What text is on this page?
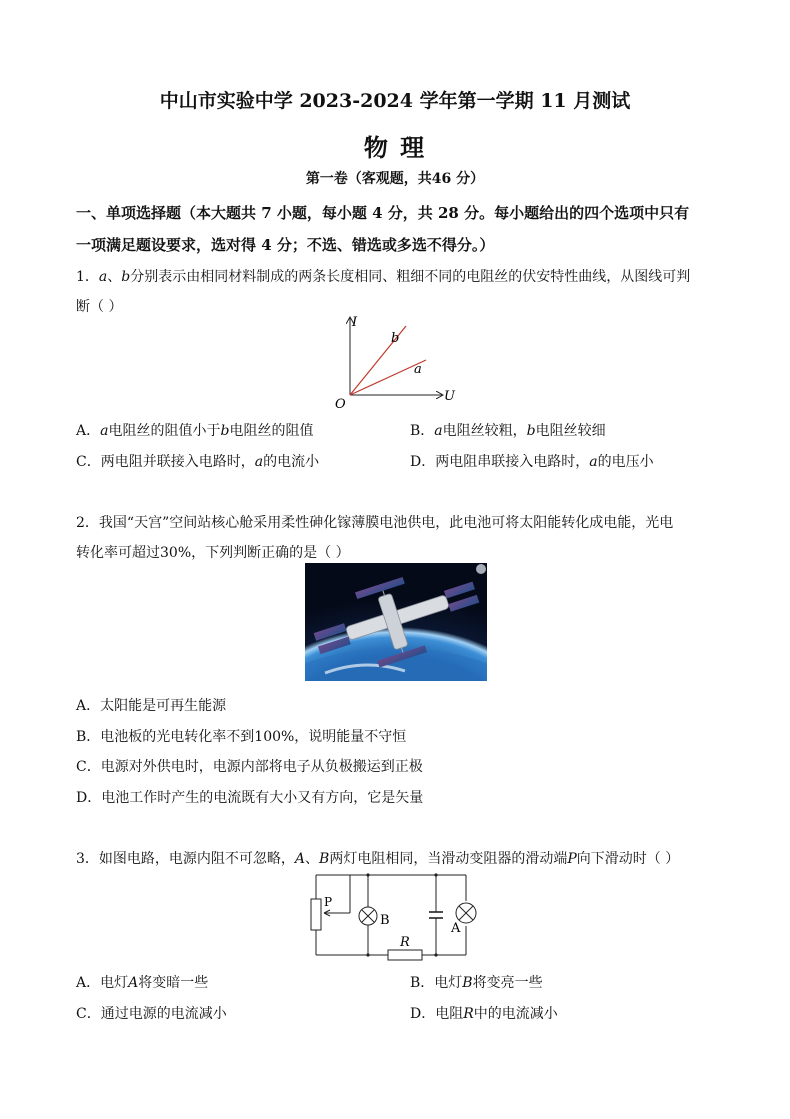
中山市实验中学 2023-2024 学年第一学期 11 月测试
物 理
第一卷（客观题，共46 分）
一、单项选择题（本大题共 7 小题，每小题 4 分，共 28 分。每小题给出的四个选项中只有
一项满足题设要求，选对得 4 分；不选、错选或多选不得分。）
1．a、b分别表示由相同材料制成的两条长度相同、粗细不同的电阻丝的伏安特性曲线，从图线可判
断（ ）
I
U
O
b
a
A．a电阻丝的阻值小于b电阻丝的阻值	B．a电阻丝较粗，b电阻丝较细
C．两电阻并联接入电路时，a的电流小	D．两电阻串联接入电路时，a的电压小
2．我国“天宫”空间站核心舱采用柔性砷化镓薄膜电池供电，此电池可将太阳能转化成电能，光电
转化率可超过30%，下列判断正确的是（ ）
A．太阳能是可再生能源
B．电池板的光电转化率不到100%，说明能量不守恒
C．电源对外供电时，电源内部将电子从负极搬运到正极
D．电池工作时产生的电流既有大小又有方向，它是矢量
3．如图电路，电源内阻不可忽略，A、B两灯电阻相同，当滑动变阻器的滑动端P向下滑动时（ ）
P
B
A
R
A．电灯A将变暗一些	B．电灯B将变亮一些
C．通过电源的电流减小	D．电阻R中的电流减小
